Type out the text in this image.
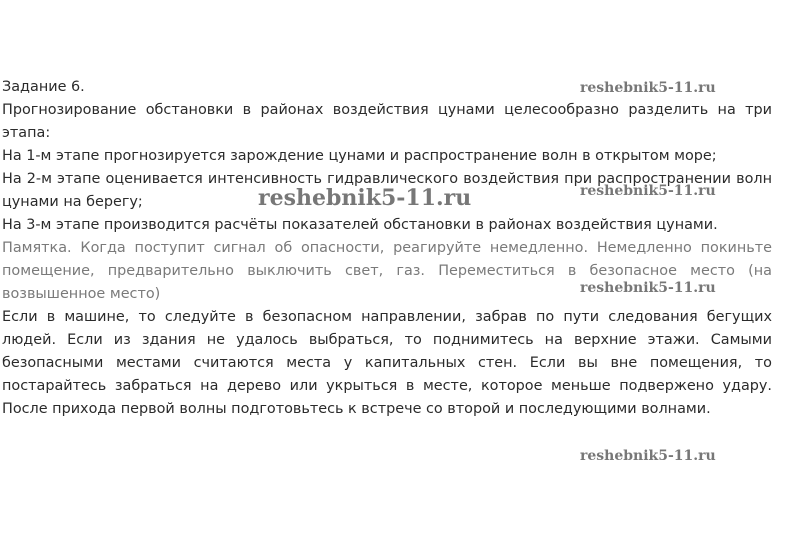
Задание 6.
Прогнозирование обстановки в районах воздействия цунами целесообразно разделить на три
этапа:
На 1-м этапе прогнозируется зарождение цунами и распространение волн в открытом море;
На 2-м этапе оценивается интенсивность гидравлического воздействия при распространении волн
цунами на берегу;
На 3-м этапе производится расчёты показателей обстановки в районах воздействия цунами.
Памятка. Когда поступит сигнал об опасности, реагируйте немедленно. Немедленно покиньте
помещение, предварительно выключить свет, газ. Переместиться в безопасное место (на
возвышенное место)
Если в машине, то следуйте в безопасном направлении, забрав по пути следования бегущих
людей. Если из здания не удалось выбраться, то поднимитесь на верхние этажи. Самыми
безопасными местами считаются места у капитальных стен. Если вы вне помещения, то
постарайтесь забраться на дерево или укрыться в месте, которое меньше подвержено удару.
После прихода первой волны подготовьтесь к встрече со второй и последующими волнами.
reshebnik5-11.ru
reshebnik5-11.ru	reshebnik5-11.ru
reshebnik5-11.ru
reshebnik5-11.ru
